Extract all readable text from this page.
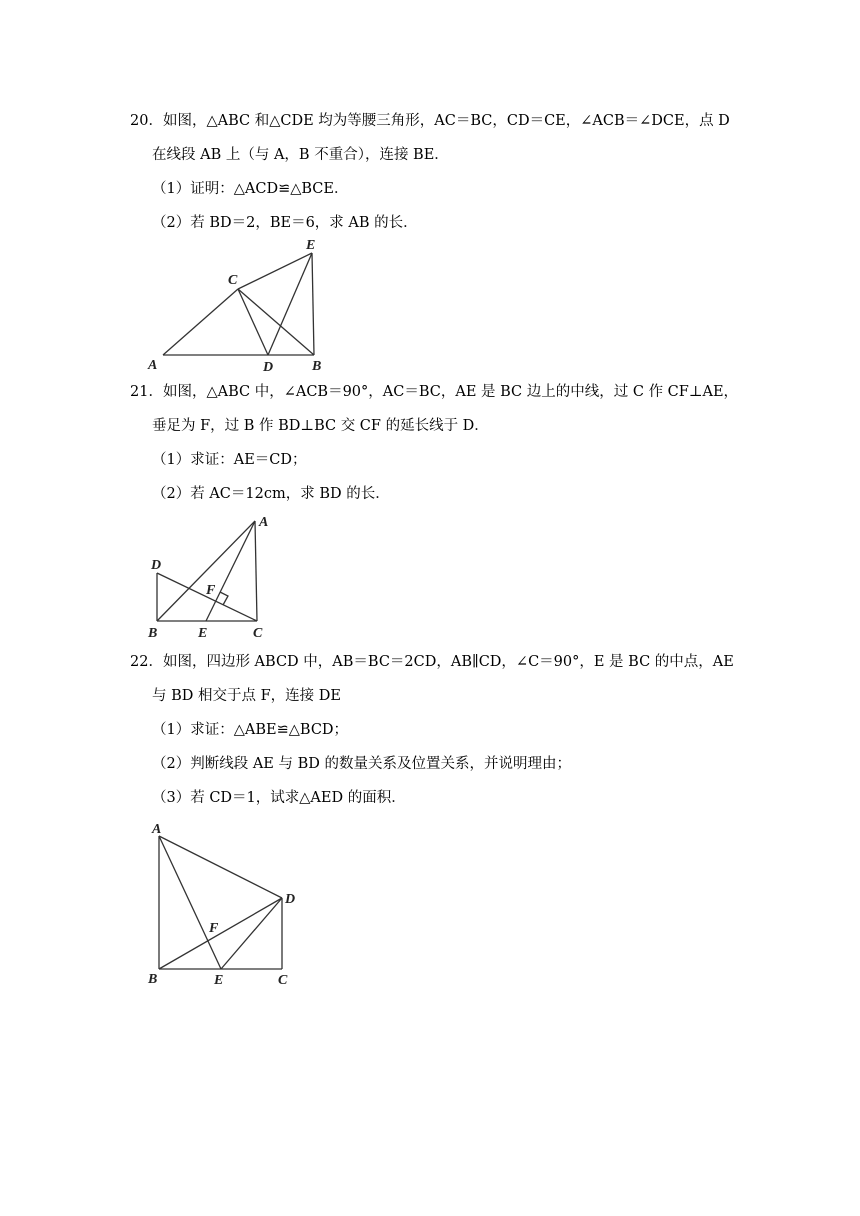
20．如图，△ABC 和△CDE 均为等腰三角形，AC＝BC，CD＝CE，∠ACB＝∠DCE，点 D
在线段 AB 上（与 A，B 不重合），连接 BE．
（1）证明：△ACD≌△BCE．
（2）若 BD＝2，BE＝6，求 AB 的长．
A	B
C
D
E
21．如图，△ABC 中，∠ACB＝90°，AC＝BC，AE 是 BC 边上的中线，过 C 作 CF⊥AE，
垂足为 F，过 B 作 BD⊥BC 交 CF 的延长线于 D．
（1）求证：AE＝CD；
（2）若 AC＝12cm，求 BD 的长．
A
B	C
D
E
F
22．如图，四边形 ABCD 中，AB＝BC＝2CD，AB∥CD，∠C＝90°，E 是 BC 的中点，AE
与 BD 相交于点 F，连接 DE
（1）求证：△ABE≌△BCD；
（2）判断线段 AE 与 BD 的数量关系及位置关系，并说明理由；
（3）若 CD＝1，试求△AED 的面积．
A
B	C
D
E
F
